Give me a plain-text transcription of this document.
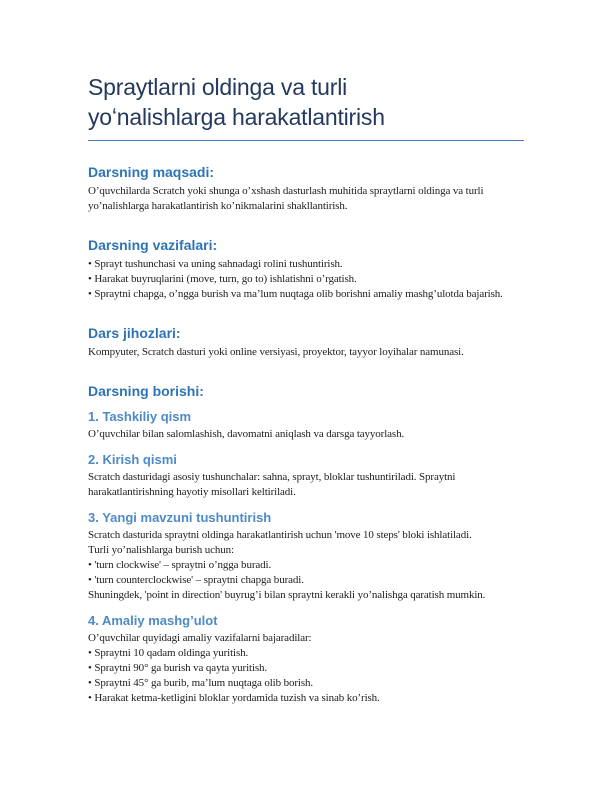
Spraytlarni oldinga va turli
yoʻnalishlarga harakatlantirish
Darsning maqsadi:
O’quvchilarda Scratch yoki shunga o’xshash dasturlash muhitida spraytlarni oldinga va turli
yo’nalishlarga harakatlantirish ko’nikmalarini shakllantirish.
Darsning vazifalari:
• Sprayt tushunchasi va uning sahnadagi rolini tushuntirish.
• Harakat buyruqlarini (move, turn, go to) ishlatishni o’rgatish.
• Spraytni chapga, o’ngga burish va ma’lum nuqtaga olib borishni amaliy mashg’ulotda bajarish.
Dars jihozlari:
Kompyuter, Scratch dasturi yoki online versiyasi, proyektor, tayyor loyihalar namunasi.
Darsning borishi:
1. Tashkiliy qism
O’quvchilar bilan salomlashish, davomatni aniqlash va darsga tayyorlash.
2. Kirish qismi
Scratch dasturidagi asosiy tushunchalar: sahna, sprayt, bloklar tushuntiriladi. Spraytni
harakatlantirishning hayotiy misollari keltiriladi.
3. Yangi mavzuni tushuntirish
Scratch dasturida spraytni oldinga harakatlantirish uchun 'move 10 steps' bloki ishlatiladi.
Turli yo’nalishlarga burish uchun:
• 'turn clockwise' – spraytni o’ngga buradi.
• 'turn counterclockwise' – spraytni chapga buradi.
Shuningdek, 'point in direction' buyrug’i bilan spraytni kerakli yo’nalishga qaratish mumkin.
4. Amaliy mashg’ulot
O’quvchilar quyidagi amaliy vazifalarni bajaradilar:
• Spraytni 10 qadam oldinga yuritish.
• Spraytni 90° ga burish va qayta yuritish.
• Spraytni 45° ga burib, ma’lum nuqtaga olib borish.
• Harakat ketma-ketligini bloklar yordamida tuzish va sinab ko’rish.
